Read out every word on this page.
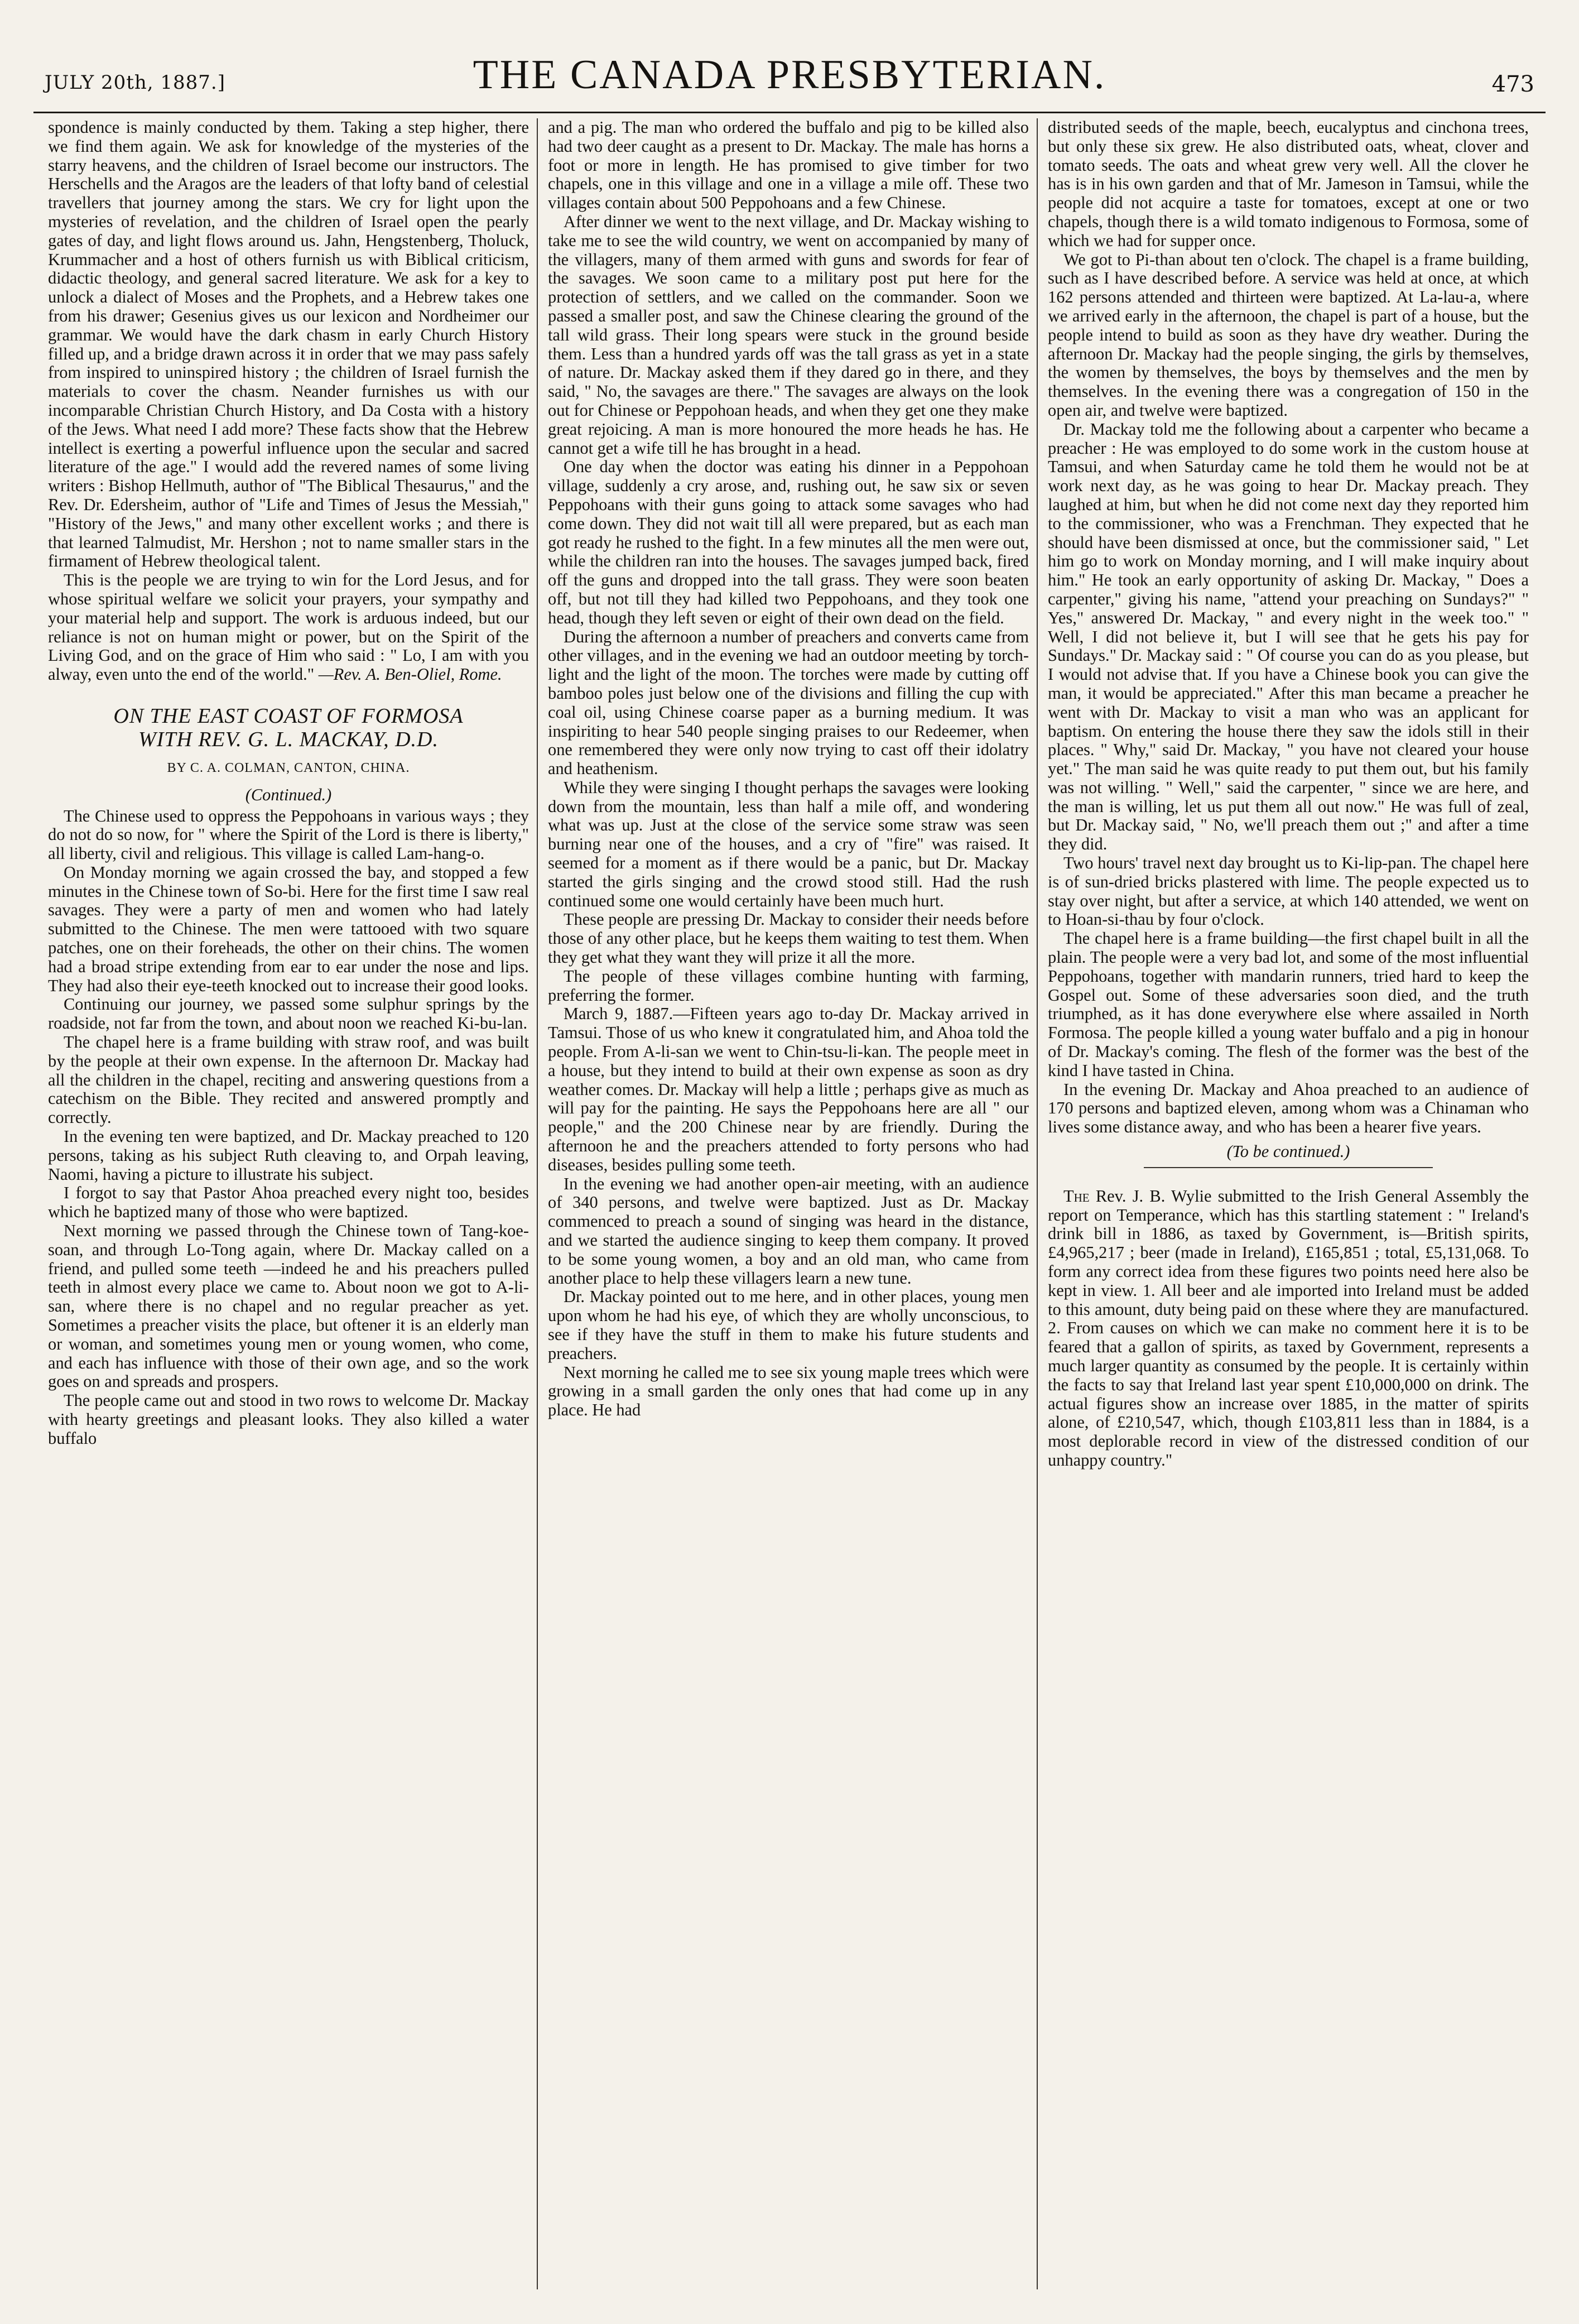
JULY 20th, 1887.]	THE CANADA PRESBYTERIAN.	473

spondence is mainly conducted by them. Taking a step higher, there we find them again. We ask for knowledge of the mysteries of the starry heavens, and the children of Israel become our instructors. The Herschells and the Aragos are the leaders of that lofty band of celestial travellers that journey among the stars. We cry for light upon the mysteries of revelation, and the children of Israel open the pearly gates of day, and light flows around us. Jahn, Hengstenberg, Tholuck, Krummacher and a host of others furnish us with Biblical criticism, didactic theology, and general sacred literature. We ask for a key to unlock a dialect of Moses and the Prophets, and a Hebrew takes one from his drawer; Gesenius gives us our lexicon and Nordheimer our grammar. We would have the dark chasm in early Church History filled up, and a bridge drawn across it in order that we may pass safely from inspired to uninspired history ; the children of Israel furnish the materials to cover the chasm. Neander furnishes us with our incomparable Christian Church History, and Da Costa with a history of the Jews. What need I add more? These facts show that the Hebrew intellect is exerting a powerful influence upon the secular and sacred literature of the age." I would add the revered names of some living writers : Bishop Hellmuth, author of "The Biblical Thesaurus," and the Rev. Dr. Edersheim, author of "Life and Times of Jesus the Messiah," "History of the Jews," and many other excellent works ; and there is that learned Talmudist, Mr. Hershon ; not to name smaller stars in the firmament of Hebrew theological talent.

This is the people we are trying to win for the Lord Jesus, and for whose spiritual welfare we solicit your prayers, your sympathy and your material help and support. The work is arduous indeed, but our reliance is not on human might or power, but on the Spirit of the Living God, and on the grace of Him who said : " Lo, I am with you alway, even unto the end of the world." —Rev. A. Ben-Oliel, Rome.

ON THE EAST COAST OF FORMOSA
WITH REV. G. L. MACKAY, D.D.
BY C. A. COLMAN, CANTON, CHINA.
(Continued.)

The Chinese used to oppress the Peppohoans in various ways ; they do not do so now, for " where the Spirit of the Lord is there is liberty," all liberty, civil and religious. This village is called Lam-hang-o.

On Monday morning we again crossed the bay, and stopped a few minutes in the Chinese town of So-bi. Here for the first time I saw real savages. They were a party of men and women who had lately submitted to the Chinese. The men were tattooed with two square patches, one on their foreheads, the other on their chins. The women had a broad stripe extending from ear to ear under the nose and lips. They had also their eye-teeth knocked out to increase their good looks.

Continuing our journey, we passed some sulphur springs by the roadside, not far from the town, and about noon we reached Ki-bu-lan.

The chapel here is a frame building with straw roof, and was built by the people at their own expense. In the afternoon Dr. Mackay had all the children in the chapel, reciting and answering questions from a catechism on the Bible. They recited and answered promptly and correctly.

In the evening ten were baptized, and Dr. Mackay preached to 120 persons, taking as his subject Ruth cleaving to, and Orpah leaving, Naomi, having a picture to illustrate his subject.

I forgot to say that Pastor Ahoa preached every night too, besides which he baptized many of those who were baptized.

Next morning we passed through the Chinese town of Tang-koe-soan, and through Lo-Tong again, where Dr. Mackay called on a friend, and pulled some teeth —indeed he and his preachers pulled teeth in almost every place we came to. About noon we got to A-li-san, where there is no chapel and no regular preacher as yet. Sometimes a preacher visits the place, but oftener it is an elderly man or woman, and sometimes young men or young women, who come, and each has influence with those of their own age, and so the work goes on and spreads and prospers.

The people came out and stood in two rows to welcome Dr. Mackay with hearty greetings and pleasant looks. They also killed a water buffalo

and a pig. The man who ordered the buffalo and pig to be killed also had two deer caught as a present to Dr. Mackay. The male has horns a foot or more in length. He has promised to give timber for two chapels, one in this village and one in a village a mile off. These two villages contain about 500 Peppohoans and a few Chinese.

After dinner we went to the next village, and Dr. Mackay wishing to take me to see the wild country, we went on accompanied by many of the villagers, many of them armed with guns and swords for fear of the savages. We soon came to a military post put here for the protection of settlers, and we called on the commander. Soon we passed a smaller post, and saw the Chinese clearing the ground of the tall wild grass. Their long spears were stuck in the ground beside them. Less than a hundred yards off was the tall grass as yet in a state of nature. Dr. Mackay asked them if they dared go in there, and they said, " No, the savages are there." The savages are always on the look out for Chinese or Peppohoan heads, and when they get one they make great rejoicing. A man is more honoured the more heads he has. He cannot get a wife till he has brought in a head.

One day when the doctor was eating his dinner in a Peppohoan village, suddenly a cry arose, and, rushing out, he saw six or seven Peppohoans with their guns going to attack some savages who had come down. They did not wait till all were prepared, but as each man got ready he rushed to the fight. In a few minutes all the men were out, while the children ran into the houses. The savages jumped back, fired off the guns and dropped into the tall grass. They were soon beaten off, but not till they had killed two Peppohoans, and they took one head, though they left seven or eight of their own dead on the field.

During the afternoon a number of preachers and converts came from other villages, and in the evening we had an outdoor meeting by torch-light and the light of the moon. The torches were made by cutting off bamboo poles just below one of the divisions and filling the cup with coal oil, using Chinese coarse paper as a burning medium. It was inspiriting to hear 540 people singing praises to our Redeemer, when one remembered they were only now trying to cast off their idolatry and heathenism.

While they were singing I thought perhaps the savages were looking down from the mountain, less than half a mile off, and wondering what was up. Just at the close of the service some straw was seen burning near one of the houses, and a cry of "fire" was raised. It seemed for a moment as if there would be a panic, but Dr. Mackay started the girls singing and the crowd stood still. Had the rush continued some one would certainly have been much hurt.

These people are pressing Dr. Mackay to consider their needs before those of any other place, but he keeps them waiting to test them. When they get what they want they will prize it all the more.

The people of these villages combine hunting with farming, preferring the former.

March 9, 1887.—Fifteen years ago to-day Dr. Mackay arrived in Tamsui. Those of us who knew it congratulated him, and Ahoa told the people. From A-li-san we went to Chin-tsu-li-kan. The people meet in a house, but they intend to build at their own expense as soon as dry weather comes. Dr. Mackay will help a little ; perhaps give as much as will pay for the painting. He says the Peppohoans here are all " our people," and the 200 Chinese near by are friendly. During the afternoon he and the preachers attended to forty persons who had diseases, besides pulling some teeth.

In the evening we had another open-air meeting, with an audience of 340 persons, and twelve were baptized. Just as Dr. Mackay commenced to preach a sound of singing was heard in the distance, and we started the audience singing to keep them company. It proved to be some young women, a boy and an old man, who came from another place to help these villagers learn a new tune.

Dr. Mackay pointed out to me here, and in other places, young men upon whom he had his eye, of which they are wholly unconscious, to see if they have the stuff in them to make his future students and preachers.

Next morning he called me to see six young maple trees which were growing in a small garden the only ones that had come up in any place. He had

distributed seeds of the maple, beech, eucalyptus and cinchona trees, but only these six grew. He also distributed oats, wheat, clover and tomato seeds. The oats and wheat grew very well. All the clover he has is in his own garden and that of Mr. Jameson in Tamsui, while the people did not acquire a taste for tomatoes, except at one or two chapels, though there is a wild tomato indigenous to Formosa, some of which we had for supper once.

We got to Pi-than about ten o'clock. The chapel is a frame building, such as I have described before. A service was held at once, at which 162 persons attended and thirteen were baptized. At La-lau-a, where we arrived early in the afternoon, the chapel is part of a house, but the people intend to build as soon as they have dry weather. During the afternoon Dr. Mackay had the people singing, the girls by themselves, the women by themselves, the boys by themselves and the men by themselves. In the evening there was a congregation of 150 in the open air, and twelve were baptized.

Dr. Mackay told me the following about a carpenter who became a preacher : He was employed to do some work in the custom house at Tamsui, and when Saturday came he told them he would not be at work next day, as he was going to hear Dr. Mackay preach. They laughed at him, but when he did not come next day they reported him to the commissioner, who was a Frenchman. They expected that he should have been dismissed at once, but the commissioner said, " Let him go to work on Monday morning, and I will make inquiry about him." He took an early opportunity of asking Dr. Mackay, " Does a carpenter," giving his name, "attend your preaching on Sundays?" " Yes," answered Dr. Mackay, " and every night in the week too." " Well, I did not believe it, but I will see that he gets his pay for Sundays." Dr. Mackay said : " Of course you can do as you please, but I would not advise that. If you have a Chinese book you can give the man, it would be appreciated." After this man became a preacher he went with Dr. Mackay to visit a man who was an applicant for baptism. On entering the house there they saw the idols still in their places. " Why," said Dr. Mackay, " you have not cleared your house yet." The man said he was quite ready to put them out, but his family was not willing. " Well," said the carpenter, " since we are here, and the man is willing, let us put them all out now." He was full of zeal, but Dr. Mackay said, " No, we'll preach them out ;" and after a time they did.

Two hours' travel next day brought us to Ki-lip-pan. The chapel here is of sun-dried bricks plastered with lime. The people expected us to stay over night, but after a service, at which 140 attended, we went on to Hoan-si-thau by four o'clock.

The chapel here is a frame building—the first chapel built in all the plain. The people were a very bad lot, and some of the most influential Peppohoans, together with mandarin runners, tried hard to keep the Gospel out. Some of these adversaries soon died, and the truth triumphed, as it has done everywhere else where assailed in North Formosa. The people killed a young water buffalo and a pig in honour of Dr. Mackay's coming. The flesh of the former was the best of the kind I have tasted in China.

In the evening Dr. Mackay and Ahoa preached to an audience of 170 persons and baptized eleven, among whom was a Chinaman who lives some distance away, and who has been a hearer five years.

(To be continued.)

The Rev. J. B. Wylie submitted to the Irish General Assembly the report on Temperance, which has this startling statement : " Ireland's drink bill in 1886, as taxed by Government, is—British spirits, £4,965,217 ; beer (made in Ireland), £165,851 ; total, £5,131,068. To form any correct idea from these figures two points need here also be kept in view. 1. All beer and ale imported into Ireland must be added to this amount, duty being paid on these where they are manufactured. 2. From causes on which we can make no comment here it is to be feared that a gallon of spirits, as taxed by Government, represents a much larger quantity as consumed by the people. It is certainly within the facts to say that Ireland last year spent £10,000,000 on drink. The actual figures show an increase over 1885, in the matter of spirits alone, of £210,547, which, though £103,811 less than in 1884, is a most deplorable record in view of the distressed condition of our unhappy country."
